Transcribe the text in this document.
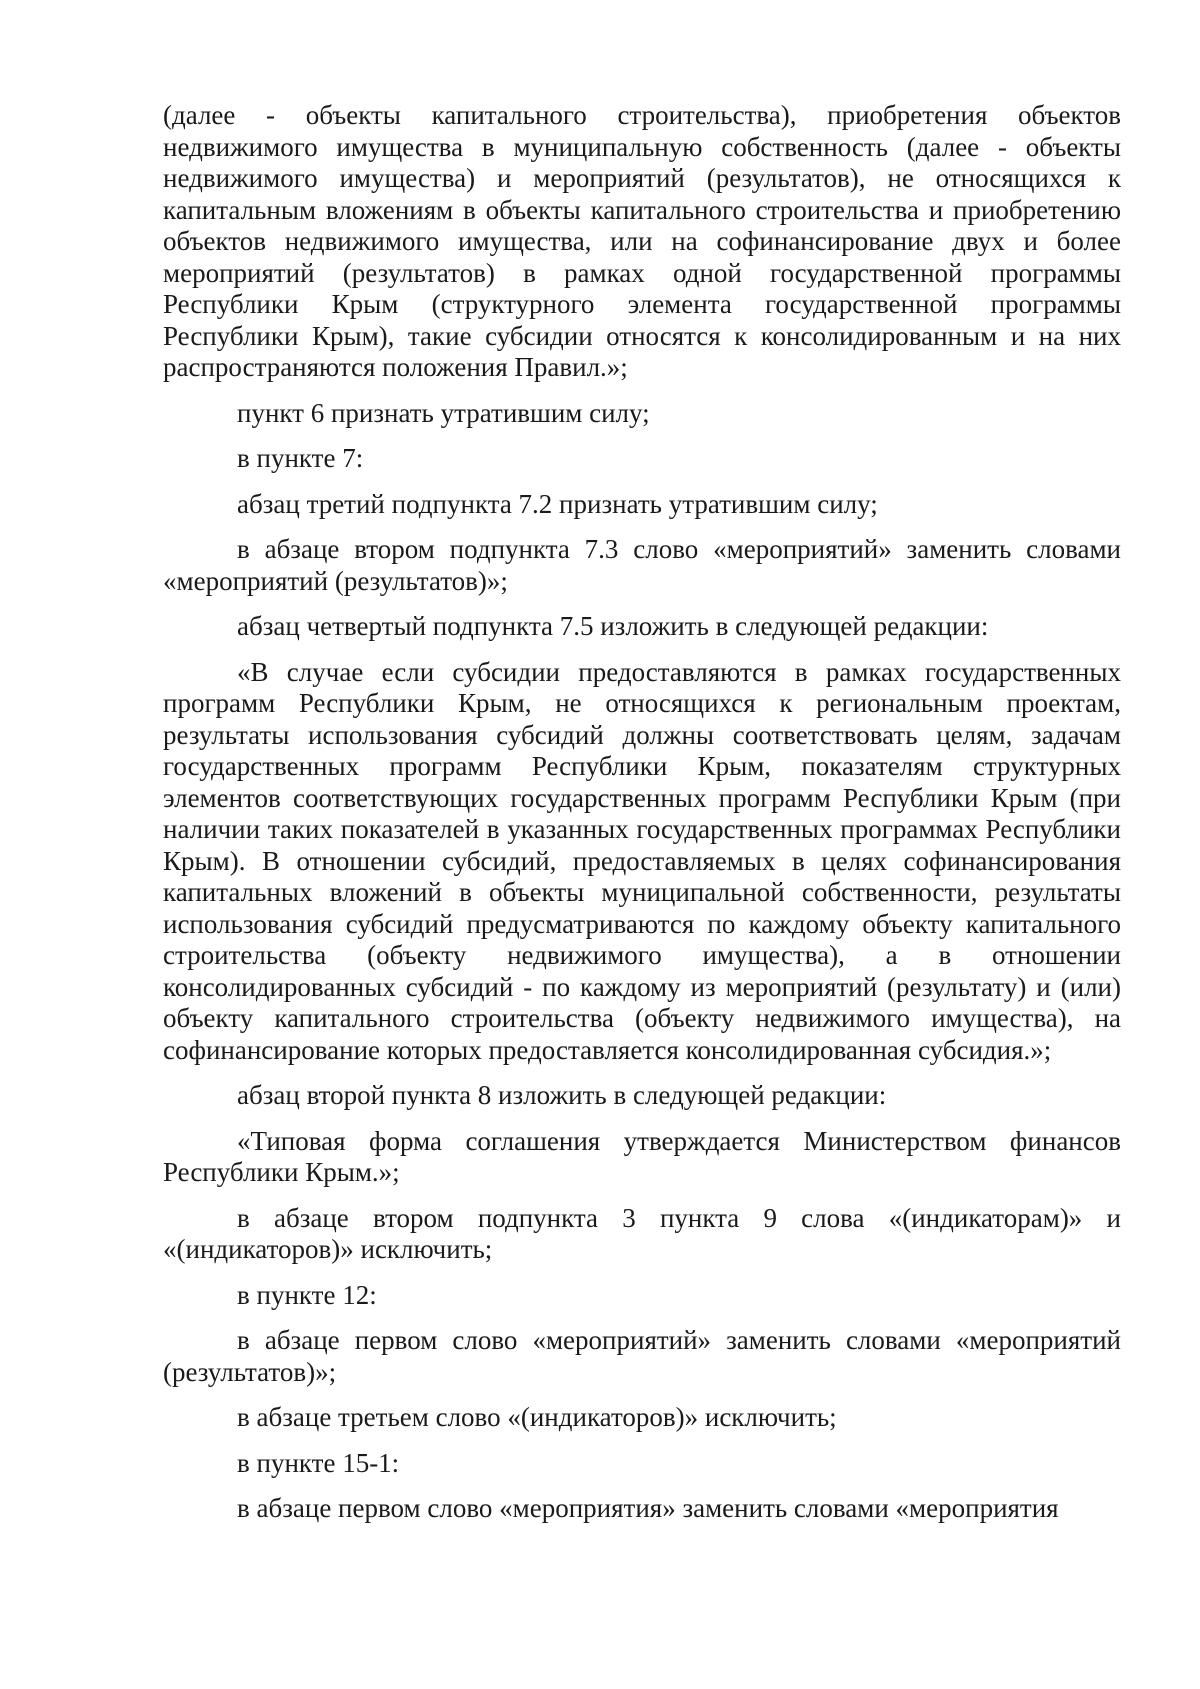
(далее - объекты капитального строительства), приобретения объектов недвижимого имущества в муниципальную собственность (далее - объекты недвижимого имущества) и мероприятий (результатов), не относящихся к капитальным вложениям в объекты капитального строительства и приобретению объектов недвижимого имущества, или на софинансирование двух и более мероприятий (результатов) в рамках одной государственной программы Республики Крым (структурного элемента государственной программы Республики Крым), такие субсидии относятся к консолидированным и на них распространяются положения Правил.»;

пункт 6 признать утратившим силу;

в пункте 7:

абзац третий подпункта 7.2 признать утратившим силу;

в абзаце втором подпункта 7.3 слово «мероприятий» заменить словами «мероприятий (результатов)»;

абзац четвертый подпункта 7.5 изложить в следующей редакции:

«В случае если субсидии предоставляются в рамках государственных программ Республики Крым, не относящихся к региональным проектам, результаты использования субсидий должны соответствовать целям, задачам государственных программ Республики Крым, показателям структурных элементов соответствующих государственных программ Республики Крым (при наличии таких показателей в указанных государственных программах Республики Крым). В отношении субсидий, предоставляемых в целях софинансирования капитальных вложений в объекты муниципальной собственности, результаты использования субсидий предусматриваются по каждому объекту капитального строительства (объекту недвижимого имущества), а в отношении консолидированных субсидий - по каждому из мероприятий (результату) и (или) объекту капитального строительства (объекту недвижимого имущества), на софинансирование которых предоставляется консолидированная субсидия.»;

абзац второй пункта 8 изложить в следующей редакции:

«Типовая форма соглашения утверждается Министерством финансов Республики Крым.»;

в абзаце втором подпункта 3 пункта 9 слова «(индикаторам)» и «(индикаторов)» исключить;

в пункте 12:

в абзаце первом слово «мероприятий» заменить словами «мероприятий (результатов)»;

в абзаце третьем слово «(индикаторов)» исключить;

в пункте 15-1:

в абзаце первом слово «мероприятия» заменить словами «мероприятия
